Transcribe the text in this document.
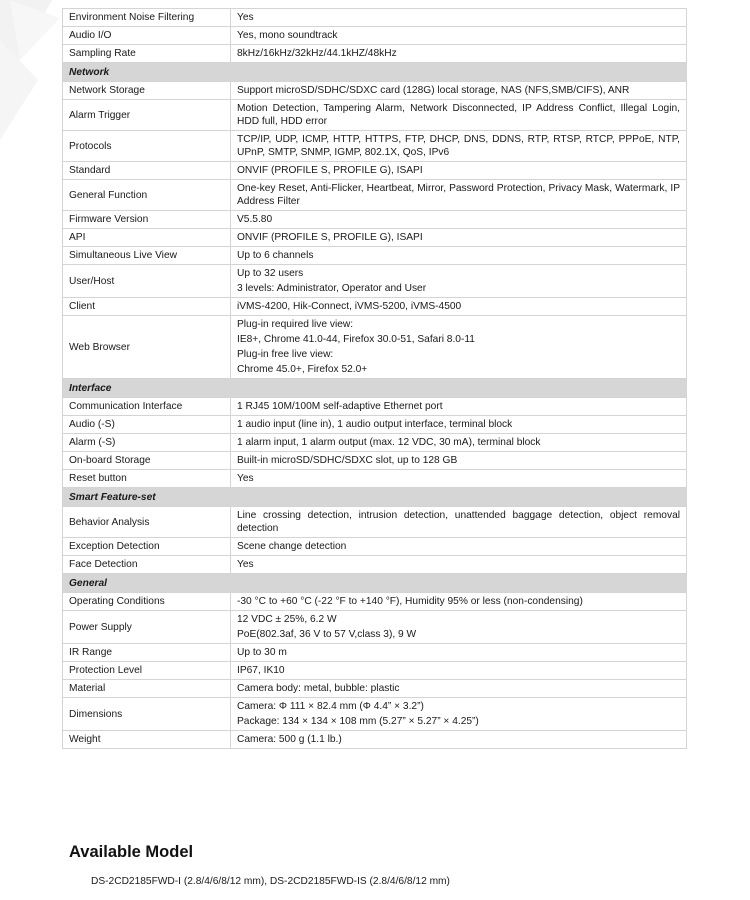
Environment Noise Filtering	Yes

Audio I/O	Yes, mono soundtrack

Sampling Rate	8kHz/16kHz/32kHz/44.1kHZ/48kHz

Network	
Network Storage	Support microSD/SDHC/SDXC card (128G) local storage, NAS (NFS,SMB/CIFS), ANR

Alarm Trigger	Motion Detection, Tampering Alarm, Network Disconnected, IP Address Conflict, Illegal Login, HDD full, HDD error

Protocols	TCP/IP, UDP, ICMP, HTTP, HTTPS, FTP, DHCP, DNS, DDNS, RTP, RTSP, RTCP, PPPoE, NTP, UPnP, SMTP, SNMP, IGMP, 802.1X, QoS, IPv6

Standard	ONVIF (PROFILE S, PROFILE G), ISAPI

General Function	One-key Reset, Anti-Flicker, Heartbeat, Mirror, Password Protection, Privacy Mask, Watermark, IP Address Filter

Firmware Version	V5.5.80

API	ONVIF (PROFILE S, PROFILE G), ISAPI

Simultaneous Live View	Up to 6 channels

User/Host	Up to 32 users
3 levels: Administrator, Operator and User

Client	iVMS-4200, Hik-Connect, iVMS-5200, iVMS-4500

Web Browser	Plug-in required live view:
IE8+, Chrome 41.0-44, Firefox 30.0-51, Safari 8.0-11
Plug-in free live view:
Chrome 45.0+, Firefox 52.0+

Interface	
Communication Interface	1 RJ45 10M/100M self-adaptive Ethernet port

Audio (-S)	1 audio input (line in), 1 audio output interface, terminal block

Alarm (-S)	1 alarm input, 1 alarm output (max. 12 VDC, 30 mA), terminal block

On-board Storage	Built-in microSD/SDHC/SDXC slot, up to 128 GB

Reset button	Yes

Smart Feature-set	
Behavior Analysis	Line crossing detection, intrusion detection, unattended baggage detection, object removal detection

Exception Detection	Scene change detection

Face Detection	Yes

General	
Operating Conditions	-30 °C to +60 °C (-22 °F to +140 °F), Humidity 95% or less (non-condensing)

Power Supply	12 VDC ± 25%, 6.2 W
PoE(802.3af, 36 V to 57 V,class 3), 9 W

IR Range	Up to 30 m

Protection Level	IP67, IK10

Material	Camera body: metal, bubble: plastic

Dimensions	Camera: Φ 111 × 82.4 mm (Φ 4.4” × 3.2”)
Package: 134 × 134 × 108 mm (5.27” × 5.27” × 4.25”)

Weight	Camera: 500 g (1.1 lb.)
Available Model
DS-2CD2185FWD-I (2.8/4/6/8/12 mm), DS-2CD2185FWD-IS (2.8/4/6/8/12 mm)
